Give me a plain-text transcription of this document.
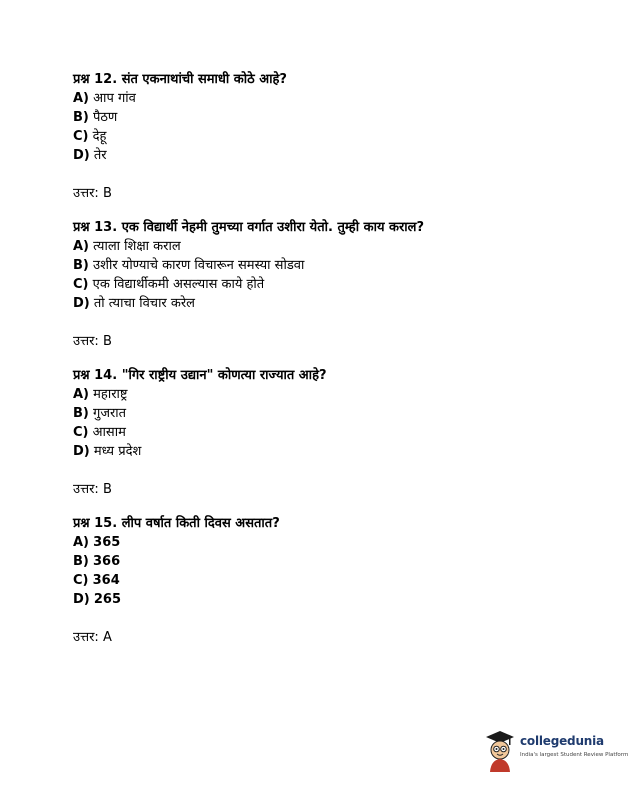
प्रश्न 12. संत एकनाथांची समाधी कोठे आहे?
A) आप गांव
B) पैठण
C) देहू
D) तेर
उत्तर: B
प्रश्न 13. एक विद्यार्थी नेहमी तुमच्या वर्गात उशीरा येतो. तुम्ही काय कराल?
A) त्याला शिक्षा कराल
B) उशीर योण्याचे कारण विचारून समस्या सोडवा
C) एक विद्यार्थीकमी असल्यास काये होते
D) तो त्याचा विचार करेल
उत्तर: B
प्रश्न 14. "गिर राष्ट्रीय उद्यान" कोणत्या राज्यात आहे?
A) महाराष्ट्र
B) गुजरात
C) आसाम
D) मध्य प्रदेश
उत्तर: B
प्रश्न 15. लीप वर्षात किती दिवस असतात?
A) 365
B) 366
C) 364
D) 265
उत्तर: A
collegedunia
India's largest Student Review Platform
